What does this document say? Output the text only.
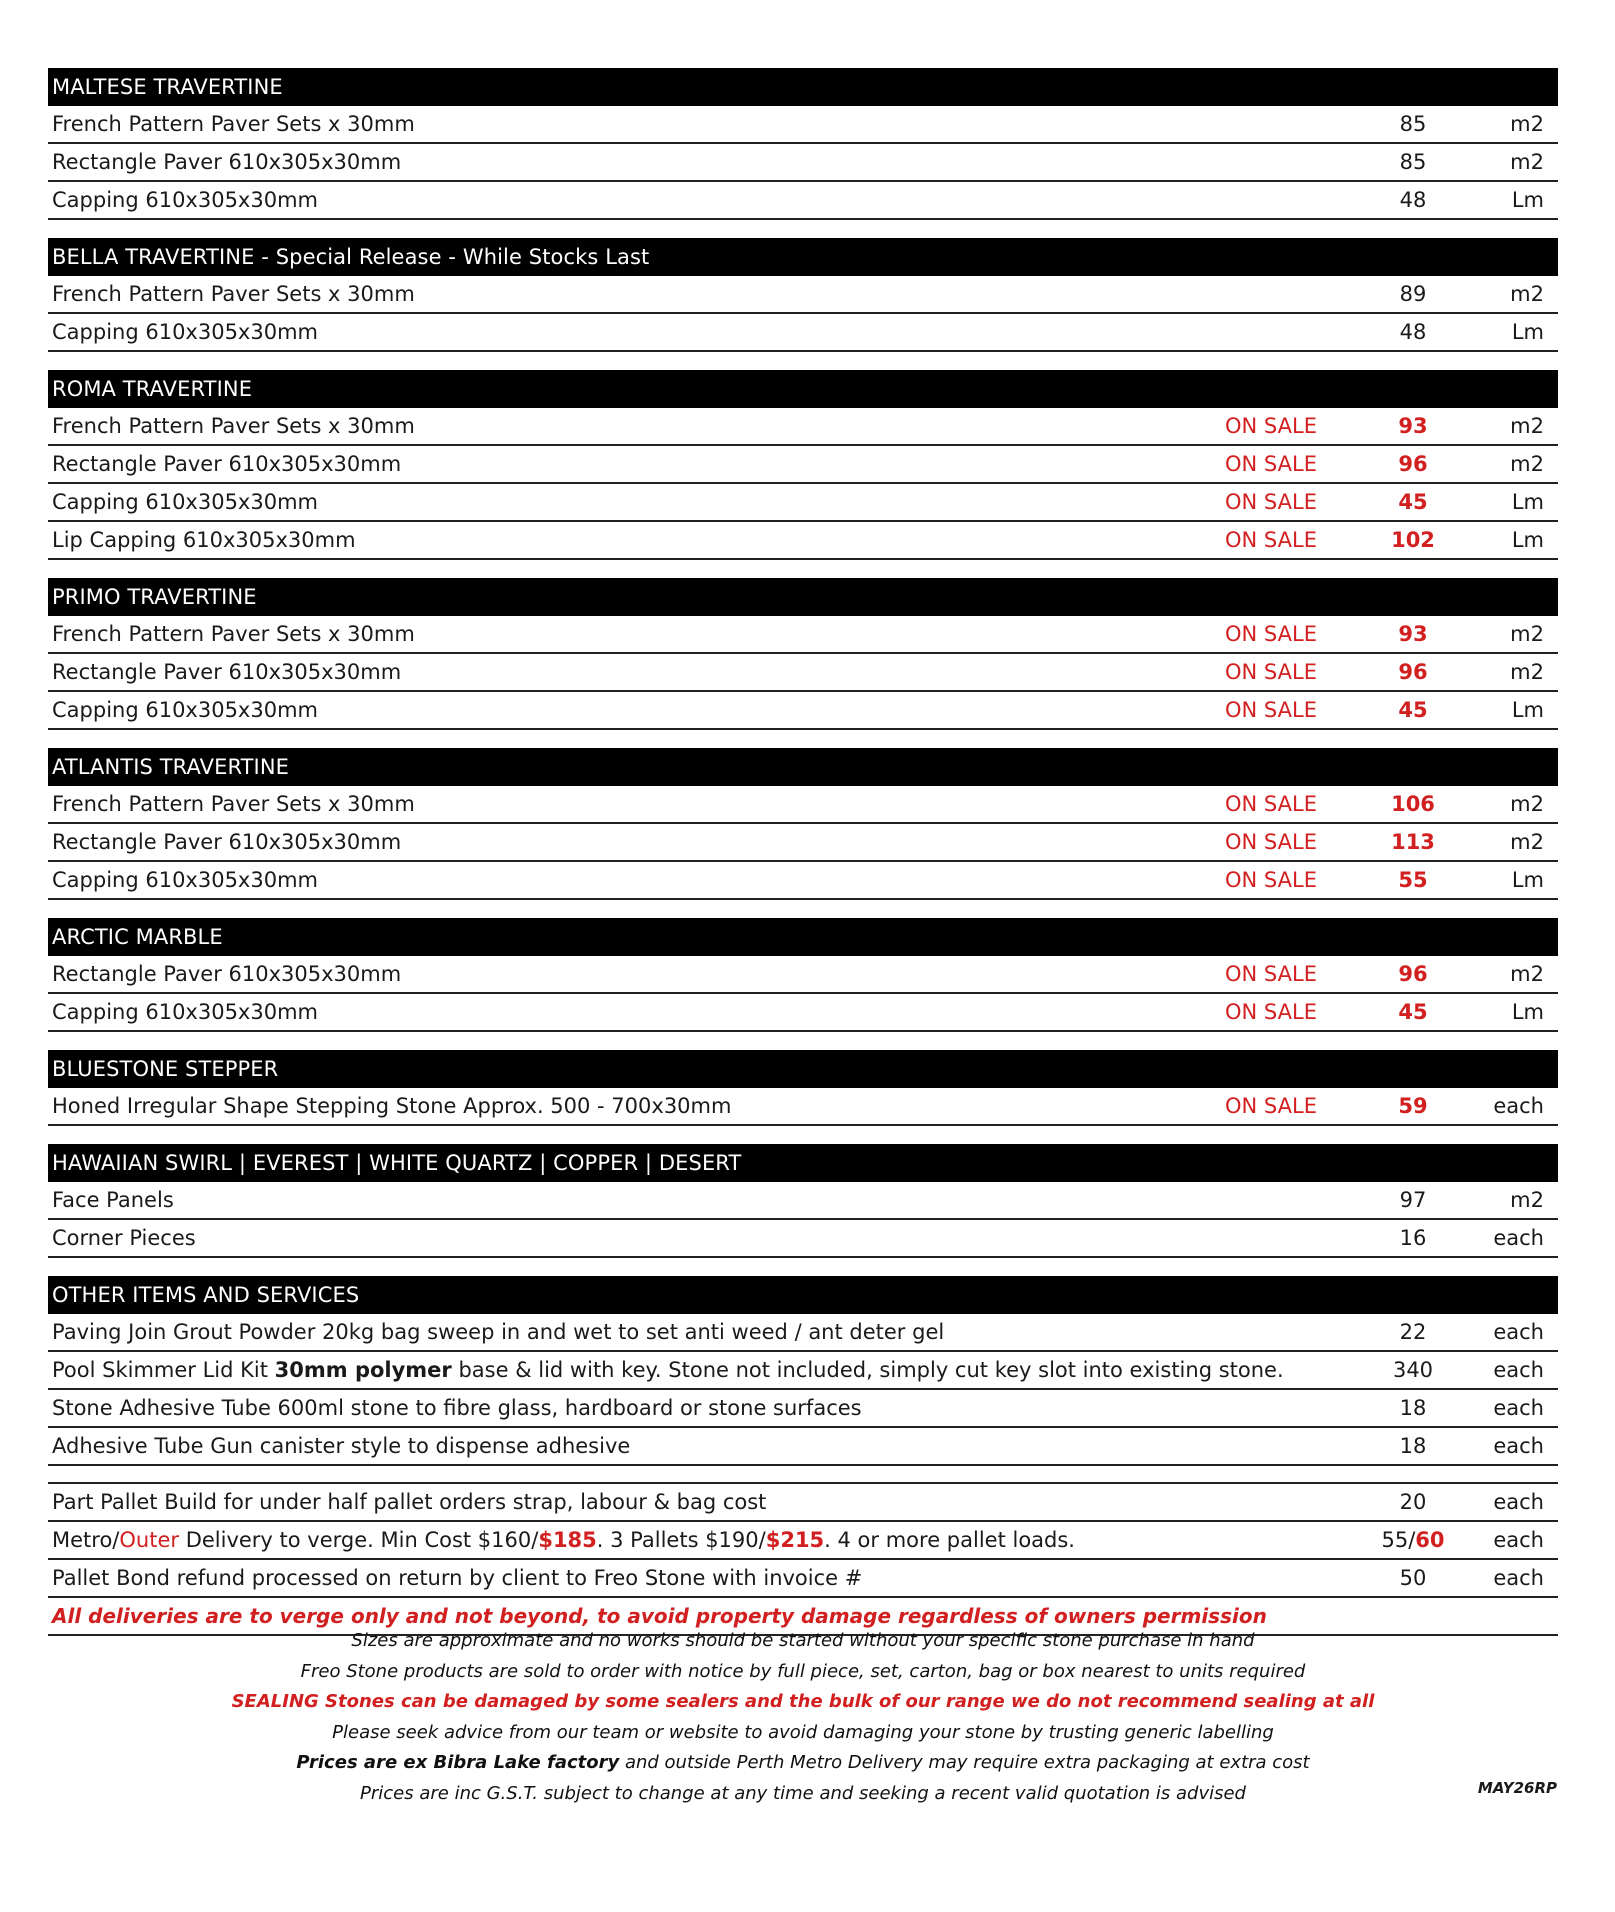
MALTESE TRAVERTINE
French Pattern Paver Sets x 30mm	85	m2
Rectangle Paver 610x305x30mm	85	m2
Capping 610x305x30mm	48	Lm
BELLA TRAVERTINE - Special Release - While Stocks Last
French Pattern Paver Sets x 30mm	89	m2
Capping 610x305x30mm	48	Lm
ROMA TRAVERTINE
French Pattern Paver Sets x 30mm	ON SALE	93	m2
Rectangle Paver 610x305x30mm	ON SALE	96	m2
Capping 610x305x30mm	ON SALE	45	Lm
Lip Capping 610x305x30mm	ON SALE	102	Lm
PRIMO TRAVERTINE
French Pattern Paver Sets x 30mm	ON SALE	93	m2
Rectangle Paver 610x305x30mm	ON SALE	96	m2
Capping 610x305x30mm	ON SALE	45	Lm
ATLANTIS TRAVERTINE
French Pattern Paver Sets x 30mm	ON SALE	106	m2
Rectangle Paver 610x305x30mm	ON SALE	113	m2
Capping 610x305x30mm	ON SALE	55	Lm
ARCTIC MARBLE
Rectangle Paver 610x305x30mm	ON SALE	96	m2
Capping 610x305x30mm	ON SALE	45	Lm
BLUESTONE STEPPER
Honed Irregular Shape Stepping Stone Approx. 500 - 700x30mm	ON SALE	59	each
HAWAIIAN SWIRL | EVEREST | WHITE QUARTZ | COPPER | DESERT
Face Panels	97	m2
Corner Pieces	16	each
OTHER ITEMS AND SERVICES
Paving Join Grout Powder 20kg bag sweep in and wet to set anti weed / ant deter gel	22	each
Pool Skimmer Lid Kit 30mm polymer base & lid with key. Stone not included, simply cut key slot into existing stone.	340	each
Stone Adhesive Tube 600ml stone to fibre glass, hardboard or stone surfaces	18	each
Adhesive Tube Gun canister style to dispense adhesive	18	each
Part Pallet Build for under half pallet orders strap, labour & bag cost	20	each
Metro/Outer Delivery to verge. Min Cost $160/$185. 3 Pallets $190/$215. 4 or more pallet loads.	55/60	each
Pallet Bond refund processed on return by client to Freo Stone with invoice #	50	each
All deliveries are to verge only and not beyond, to avoid property damage regardless of owners permission
Sizes are approximate and no works should be started without your specific stone purchase in hand
Freo Stone products are sold to order with notice by full piece, set, carton, bag or box nearest to units required
SEALING Stones can be damaged by some sealers and the bulk of our range we do not recommend sealing at all
Please seek advice from our team or website to avoid damaging your stone by trusting generic labelling
Prices are ex Bibra Lake factory and outside Perth Metro Delivery may require extra packaging at extra cost
Prices are inc G.S.T. subject to change at any time and seeking a recent valid quotation is advised	MAY26RP
